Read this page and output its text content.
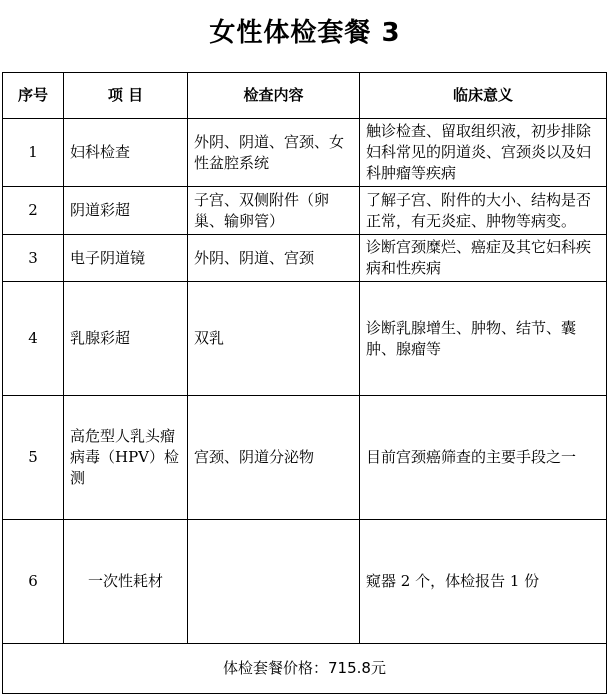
女性体检套餐 3
序号	项 目	检查内容	临床意义
1	妇科检查	外阴、阴道、宫颈、女性盆腔系统	触诊检查、留取组织液，初步排除妇科常见的阴道炎、宫颈炎以及妇科肿瘤等疾病
2	阴道彩超	子宫、双侧附件（卵巢、输卵管）	了解子宫、附件的大小、结构是否正常，有无炎症、肿物等病变。
3	电子阴道镜	外阴、阴道、宫颈	诊断宫颈糜烂、癌症及其它妇科疾病和性疾病
4	乳腺彩超	双乳	诊断乳腺增生、肿物、结节、囊肿、腺瘤等
5	高危型人乳头瘤病毒（HPV）检测	宫颈、阴道分泌物	目前宫颈癌筛查的主要手段之一
6	一次性耗材		窥器 2 个，体检报告 1 份
体检套餐价格：715.8元			
